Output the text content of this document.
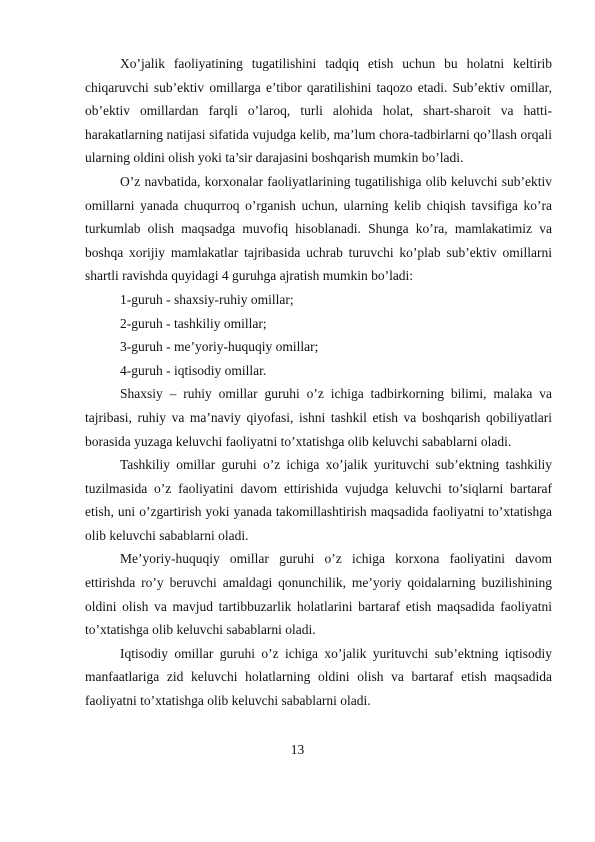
Xo’jalik faoliyatining tugatilishini tadqiq etish uchun bu holatni keltirib chiqaruvchi sub’ektiv omillarga e’tibor qaratilishini taqozo etadi. Sub’ektiv omillar, ob’ektiv omillardan farqli o’laroq, turli alohida holat, shart-sharoit va hatti-harakatlarning natijasi sifatida vujudga kelib, ma’lum chora-tadbirlarni qo’llash orqali ularning oldini olish yoki ta’sir darajasini boshqarish mumkin bo’ladi.

O’z navbatida, korxonalar faoliyatlarining tugatilishiga olib keluvchi sub’ektiv omillarni yanada chuqurroq o’rganish uchun, ularning kelib chiqish tavsifiga ko’ra turkumlab olish maqsadga muvofiq hisoblanadi. Shunga ko’ra, mamlakatimiz va boshqa xorijiy mamlakatlar tajribasida uchrab turuvchi ko’plab sub’ektiv omillarni shartli ravishda quyidagi 4 guruhga ajratish mumkin bo’ladi:

1-guruh - shaxsiy-ruhiy omillar;

2-guruh - tashkiliy omillar;

3-guruh - me’yoriy-huquqiy omillar;

4-guruh - iqtisodiy omillar.

Shaxsiy – ruhiy omillar guruhi o’z ichiga tadbirkorning bilimi, malaka va tajribasi, ruhiy va ma’naviy qiyofasi, ishni tashkil etish va boshqarish qobiliyatlari borasida yuzaga keluvchi faoliyatni to’xtatishga olib keluvchi sabablarni oladi.

Tashkiliy omillar guruhi o’z ichiga xo’jalik yurituvchi sub’ektning tashkiliy tuzilmasida o’z faoliyatini davom ettirishida vujudga keluvchi to’siqlarni bartaraf etish, uni o’zgartirish yoki yanada takomillashtirish maqsadida faoliyatni to’xtatishga olib keluvchi sabablarni oladi.

Me’yoriy-huquqiy omillar guruhi o’z ichiga korxona faoliyatini davom ettirishda ro’y beruvchi amaldagi qonunchilik, me’yoriy qoidalarning buzilishining oldini olish va mavjud tartibbuzarlik holatlarini bartaraf etish maqsadida faoliyatni to’xtatishga olib keluvchi sabablarni oladi.

Iqtisodiy omillar guruhi o’z ichiga xo’jalik yurituvchi sub’ektning iqtisodiy manfaatlariga zid keluvchi holatlarning oldini olish va bartaraf etish maqsadida faoliyatni to’xtatishga olib keluvchi sabablarni oladi.

13
